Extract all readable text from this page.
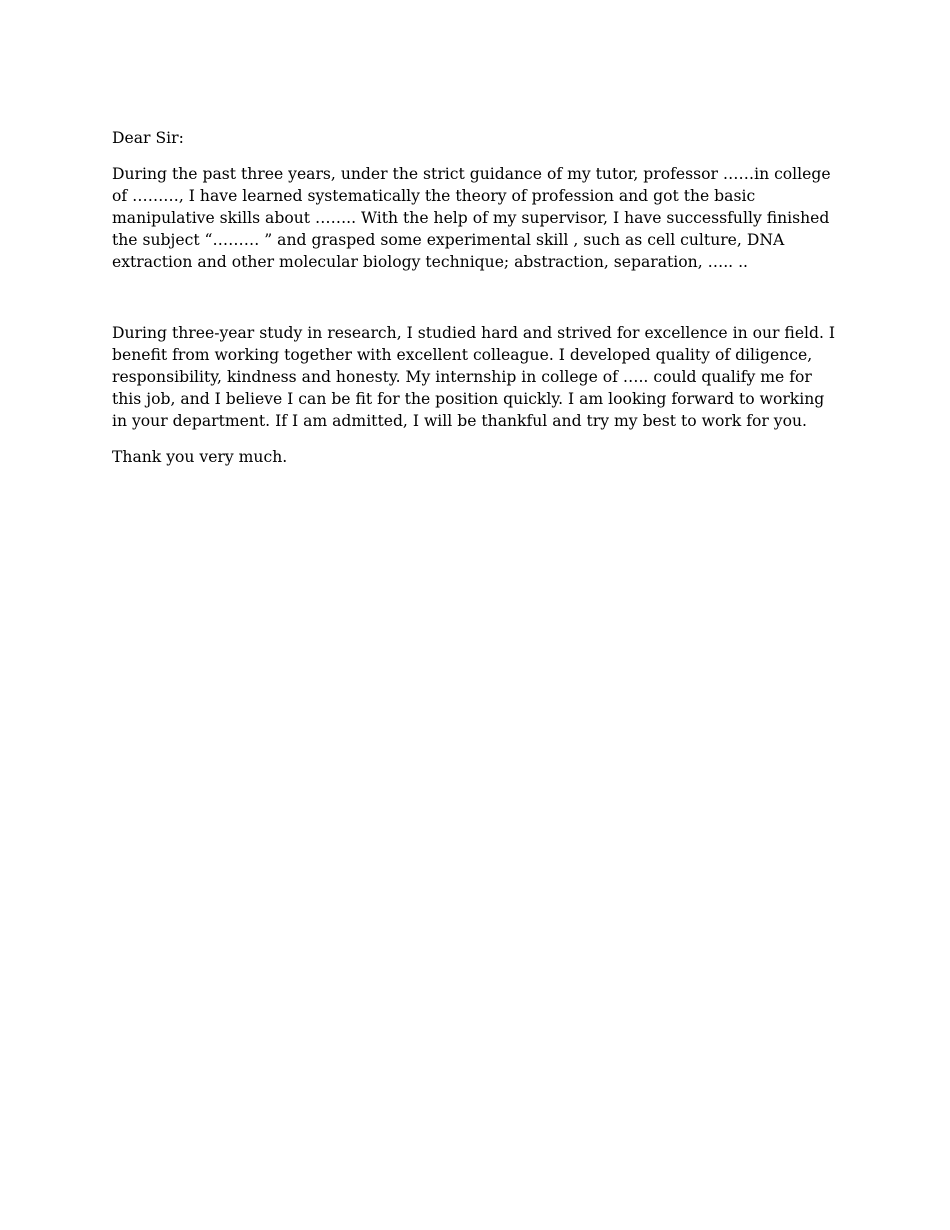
Dear Sir:

During the past three years, under the strict guidance of my tutor, professor ……in college
of ………, I have learned systematically the theory of profession and got the basic
manipulative skills about …….. With the help of my supervisor, I have successfully finished
the subject “……… ” and grasped some experimental skill , such as cell culture, DNA
extraction and other molecular biology technique; abstraction, separation, ….. ..

During three-year study in research, I studied hard and strived for excellence in our field. I
benefit from working together with excellent colleague. I developed quality of diligence,
responsibility, kindness and honesty. My internship in college of ….. could qualify me for
this job, and I believe I can be fit for the position quickly. I am looking forward to working
in your department. If I am admitted, I will be thankful and try my best to work for you.

Thank you very much.
